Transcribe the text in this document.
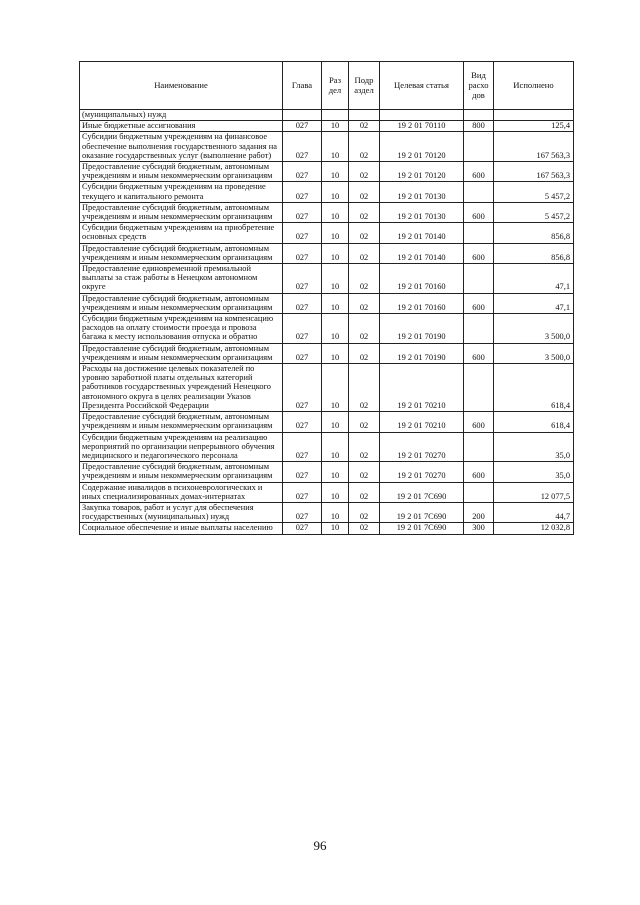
Наименование	Глава	Раз дел	Подр аздел	Целевая статья	Вид расхо дов	Исполнено
(муниципальных) нужд						
Иные бюджетные ассигнования	027	10	02	19 2 01 70110	800	125,4
Субсидии бюджетным учреждениям на финансовое обеспечение выполнения государственного задания на оказание государственных услуг (выполнение работ)	027	10	02	19 2 01 70120		167 563,3
Предоставление субсидий бюджетным, автономным учреждениям и иным некоммерческим организациям	027	10	02	19 2 01 70120	600	167 563,3
Субсидии бюджетным учреждениям на проведение текущего и капитального ремонта	027	10	02	19 2 01 70130		5 457,2
Предоставление субсидий бюджетным, автономным учреждениям и иным некоммерческим организациям	027	10	02	19 2 01 70130	600	5 457,2
Субсидии бюджетным учреждениям на приобретение основных средств	027	10	02	19 2 01 70140		856,8
Предоставление субсидий бюджетным, автономным учреждениям и иным некоммерческим организациям	027	10	02	19 2 01 70140	600	856,8
Предоставление единовременной премиальной выплаты за стаж работы в Ненецком автономном округе	027	10	02	19 2 01 70160		47,1
Предоставление субсидий бюджетным, автономным учреждениям и иным некоммерческим организациям	027	10	02	19 2 01 70160	600	47,1
Субсидии бюджетным учреждениям на компенсацию расходов на оплату стоимости проезда и провоза багажа к месту использования отпуска и обратно	027	10	02	19 2 01 70190		3 500,0
Предоставление субсидий бюджетным, автономным учреждениям и иным некоммерческим организациям	027	10	02	19 2 01 70190	600	3 500,0
Расходы на достижение целевых показателей по уровню заработной платы отдельных категорий работников государственных учреждений Ненецкого автономного округа в целях реализации Указов Президента Российской Федерации	027	10	02	19 2 01 70210		618,4
Предоставление субсидий бюджетным, автономным учреждениям и иным некоммерческим организациям	027	10	02	19 2 01 70210	600	618,4
Субсидии бюджетным учреждениям на реализацию мероприятий по организации непрерывного обучения медицинского и педагогического персонала	027	10	02	19 2 01 70270		35,0
Предоставление субсидий бюджетным, автономным учреждениям и иным некоммерческим организациям	027	10	02	19 2 01 70270	600	35,0
Содержание инвалидов в психоневрологических и иных специализированных домах-интернатах	027	10	02	19 2 01 7С690		12 077,5
Закупка товаров, работ и услуг для обеспечения государственных (муниципальных) нужд	027	10	02	19 2 01 7С690	200	44,7
Социальное обеспечение и иные выплаты населению	027	10	02	19 2 01 7С690	300	12 032,8
96
